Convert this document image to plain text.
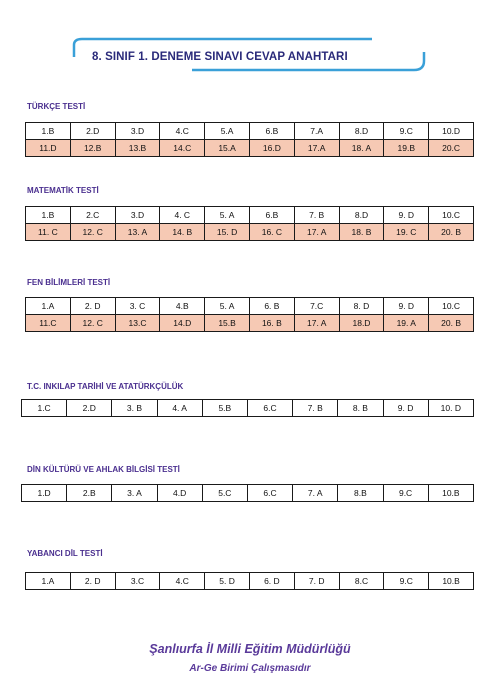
8. SINIF 1. DENEME SINAVI CEVAP ANAHTARI
TÜRKÇE TESTİ
1.B	2.D	3.D	4.C	5.A	6.B	7.A	8.D	9.C	10.D
11.D	12.B	13.B	14.C	15.A	16.D	17.A	18. A	19.B	20.C
MATEMATİK TESTİ
1.B	2.C	3.D	4. C	5. A	6.B	7. B	8.D	9. D	10.C
11. C	12. C	13. A	14. B	15. D	16. C	17. A	18. B	19. C	20. B
FEN BİLİMLERİ TESTİ
1.A	2. D	3. C	4.B	5. A	6. B	7.C	8. D	9. D	10.C
11.C	12. C	13.C	14.D	15.B	16. B	17. A	18.D	19. A	20. B
T.C. INKILAP TARİHİ VE ATATÜRKÇÜLÜK
1.C	2.D	3. B	4. A	5.B	6.C	7. B	8. B	9. D	10. D
DİN KÜLTÜRÜ VE AHLAK BİLGİSİ TESTİ
1.D	2.B	3. A	4.D	5.C	6.C	7. A	8.B	9.C	10.B
YABANCI DİL TESTİ
1.A	2. D	3.C	4.C	5. D	6. D	7. D	8.C	9.C	10.B
Şanlıurfa İl Milli Eğitim Müdürlüğü
Ar-Ge Birimi Çalışmasıdır
